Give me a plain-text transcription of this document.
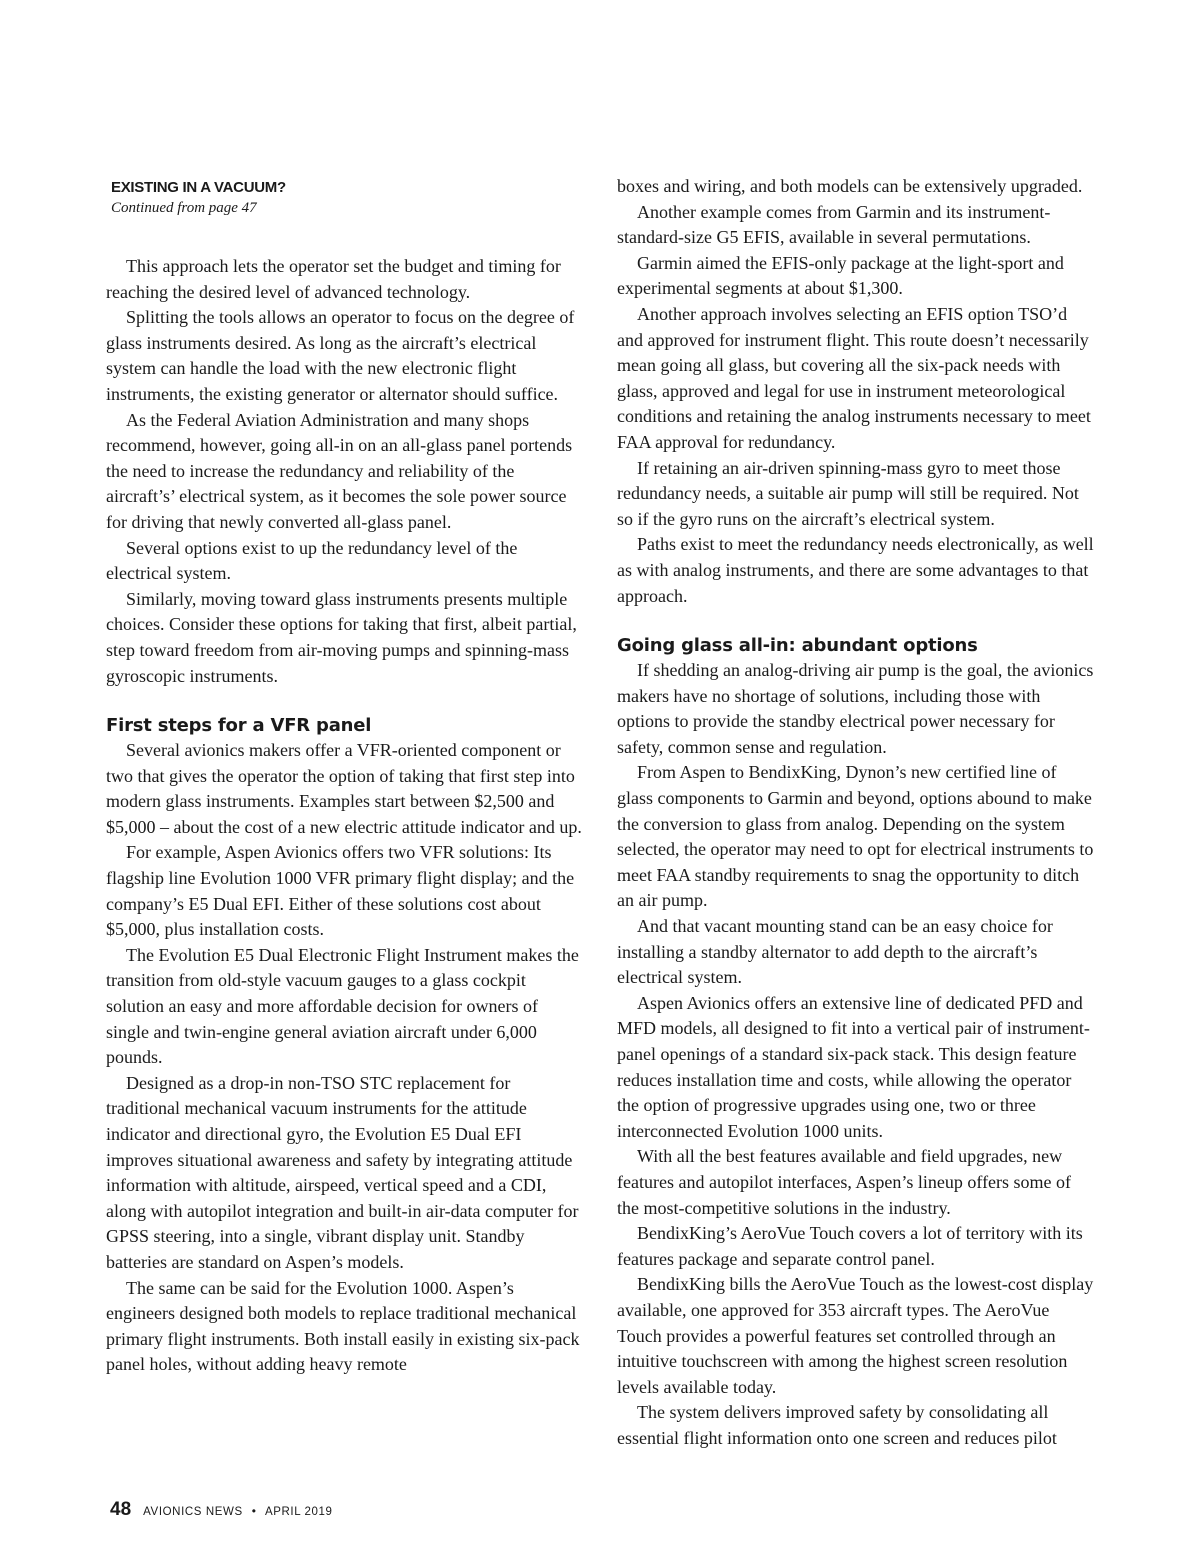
EXISTING IN A VACUUM?
Continued from page 47

This approach lets the operator set the budget and timing for reaching the desired level of advanced technology.

Splitting the tools allows an operator to focus on the degree of glass instruments desired. As long as the aircraft’s electrical system can handle the load with the new electronic flight instruments, the existing generator or alternator should suffice.

As the Federal Aviation Administration and many shops recommend, however, going all-in on an all-glass panel portends the need to increase the redundancy and reliability of the aircraft’s’ electrical system, as it becomes the sole power source for driving that newly converted all-glass panel.

Several options exist to up the redundancy level of the electrical system.

Similarly, moving toward glass instruments presents multiple choices. Consider these options for taking that first, albeit partial, step toward freedom from air-moving pumps and spinning-mass gyroscopic instruments.

First steps for a VFR panel

Several avionics makers offer a VFR-oriented component or two that gives the operator the option of taking that first step into modern glass instruments. Examples start between $2,500 and $5,000 – about the cost of a new electric attitude indicator and up.

For example, Aspen Avionics offers two VFR solutions: Its flagship line Evolution 1000 VFR primary flight display; and the company’s E5 Dual EFI. Either of these solutions cost about $5,000, plus installation costs.

The Evolution E5 Dual Electronic Flight Instrument makes the transition from old-style vacuum gauges to a glass cockpit solution an easy and more affordable decision for owners of single and twin-engine general aviation aircraft under 6,000 pounds.

Designed as a drop-in non-TSO STC replacement for traditional mechanical vacuum instruments for the attitude indicator and directional gyro, the Evolution E5 Dual EFI improves situational awareness and safety by integrating attitude information with altitude, airspeed, vertical speed and a CDI, along with autopilot integration and built-in air-data computer for GPSS steering, into a single, vibrant display unit. Standby batteries are standard on Aspen’s models.

The same can be said for the Evolution 1000. Aspen’s engineers designed both models to replace traditional mechanical primary flight instruments. Both install easily in existing six-pack panel holes, without adding heavy remote

boxes and wiring, and both models can be extensively upgraded.

Another example comes from Garmin and its instrument-standard-size G5 EFIS, available in several permutations.

Garmin aimed the EFIS-only package at the light-sport and experimental segments at about $1,300.

Another approach involves selecting an EFIS option TSO’d and approved for instrument flight. This route doesn’t necessarily mean going all glass, but covering all the six-pack needs with glass, approved and legal for use in instrument meteorological conditions and retaining the analog instruments necessary to meet FAA approval for redundancy.

If retaining an air-driven spinning-mass gyro to meet those redundancy needs, a suitable air pump will still be required. Not so if the gyro runs on the aircraft’s electrical system.

Paths exist to meet the redundancy needs electronically, as well as with analog instruments, and there are some advantages to that approach.

Going glass all-in: abundant options

If shedding an analog-driving air pump is the goal, the avionics makers have no shortage of solutions, including those with options to provide the standby electrical power necessary for safety, common sense and regulation.

From Aspen to BendixKing, Dynon’s new certified line of glass components to Garmin and beyond, options abound to make the conversion to glass from analog. Depending on the system selected, the operator may need to opt for electrical instruments to meet FAA standby requirements to snag the opportunity to ditch an air pump.

And that vacant mounting stand can be an easy choice for installing a standby alternator to add depth to the aircraft’s electrical system.

Aspen Avionics offers an extensive line of dedicated PFD and MFD models, all designed to fit into a vertical pair of instrument-panel openings of a standard six-pack stack. This design feature reduces installation time and costs, while allowing the operator the option of progressive upgrades using one, two or three interconnected Evolution 1000 units.

With all the best features available and field upgrades, new features and autopilot interfaces, Aspen’s lineup offers some of the most-competitive solutions in the industry.

BendixKing’s AeroVue Touch covers a lot of territory with its features package and separate control panel.

BendixKing bills the AeroVue Touch as the lowest-cost display available, one approved for 353 aircraft types. The AeroVue Touch provides a powerful features set controlled through an intuitive touchscreen with among the highest screen resolution levels available today.

The system delivers improved safety by consolidating all essential flight information onto one screen and reduces pilot

48 AVIONICS NEWS • APRIL 2019
